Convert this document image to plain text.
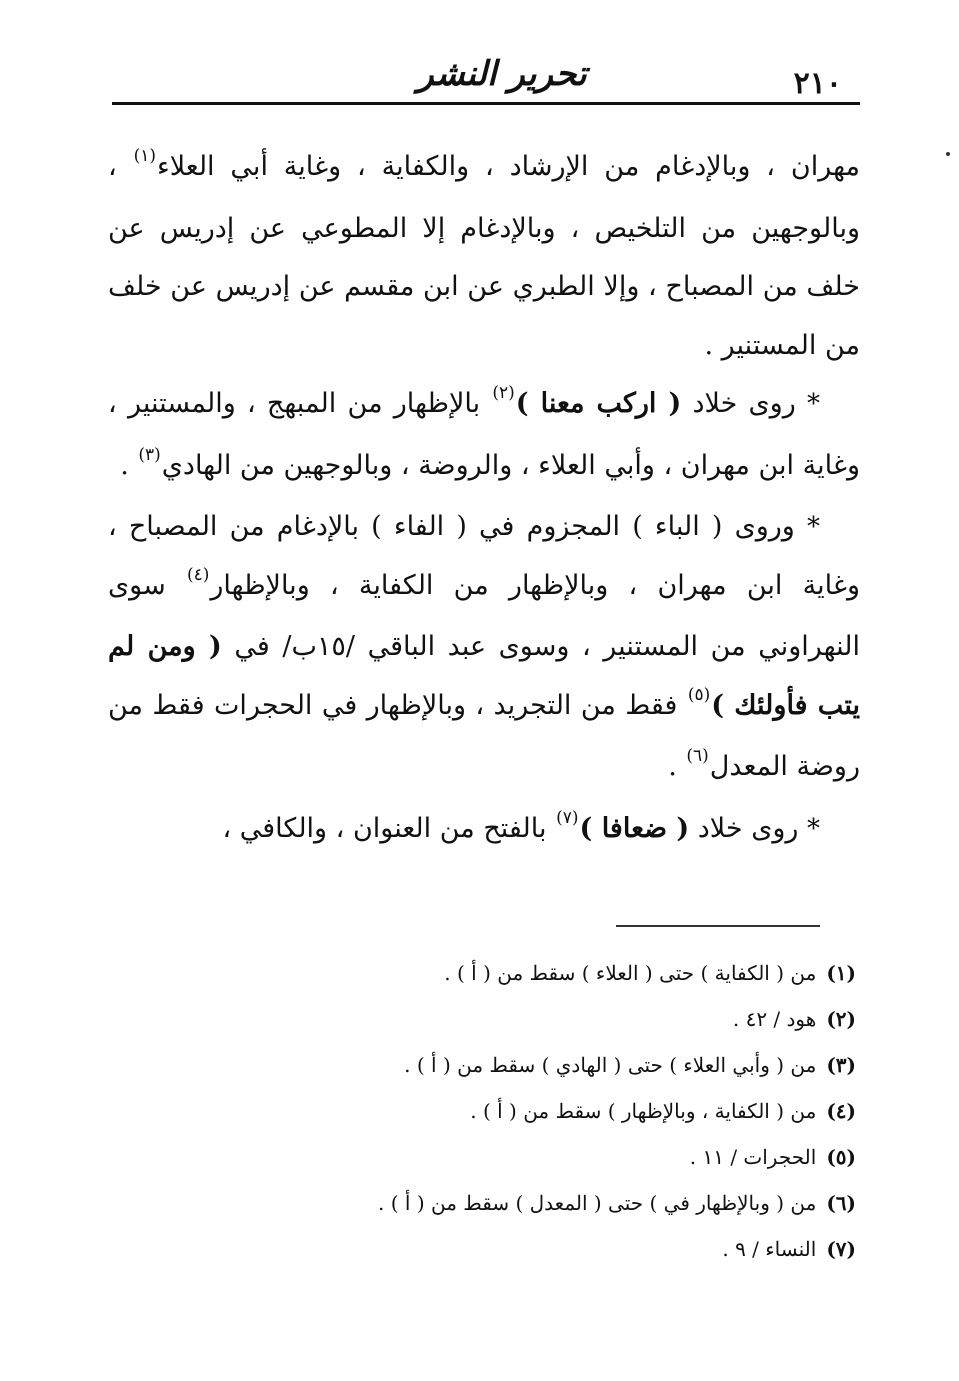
٢١٠
تحرير النشر

مهران ، وبالإدغام من الإرشاد ، والكفاية ، وغاية أبي العلاء$^{(١)}$ ، وبالوجهين من التلخيص ، وبالإدغام إلا المطوعي عن إدريس عن خلف من المصباح ، وإلا الطبري عن ابن مقسم عن إدريس عن خلف من المستنير .

* روى خلاد ( اركب معنا )$^{(٢)}$ بالإظهار من المبهج ، والمستنير ، وغاية ابن مهران ، وأبي العلاء ، والروضة ، وبالوجهين من الهادي$^{(٣)}$ .

* وروى ( الباء ) المجزوم في ( الفاء ) بالإدغام من المصباح ، وغاية ابن مهران ، وبالإظهار من الكفاية ، وبالإظهار$^{(٤)}$ سوى النهراوني من المستنير ، وسوى عبد الباقي /١٥ب/ في ( ومن لم يتب فأولئك )$^{(٥)}$ فقط من التجريد ، وبالإظهار في الحجرات فقط من روضة المعدل$^{(٦)}$ .

* روى خلاد ( ضعافا )$^{(٧)}$ بالفتح من العنوان ، والكافي ،

(١)من ( الكفاية ) حتى ( العلاء ) سقط من ( أ ) .
(٢)هود / ٤٢ .
(٣)من ( وأبي العلاء ) حتى ( الهادي ) سقط من ( أ ) .
(٤)من ( الكفاية ، وبالإظهار ) سقط من ( أ ) .
(٥)الحجرات / ١١ .
(٦)من ( وبالإظهار في ) حتى ( المعدل ) سقط من ( أ ) .
(٧)النساء / ٩ .
